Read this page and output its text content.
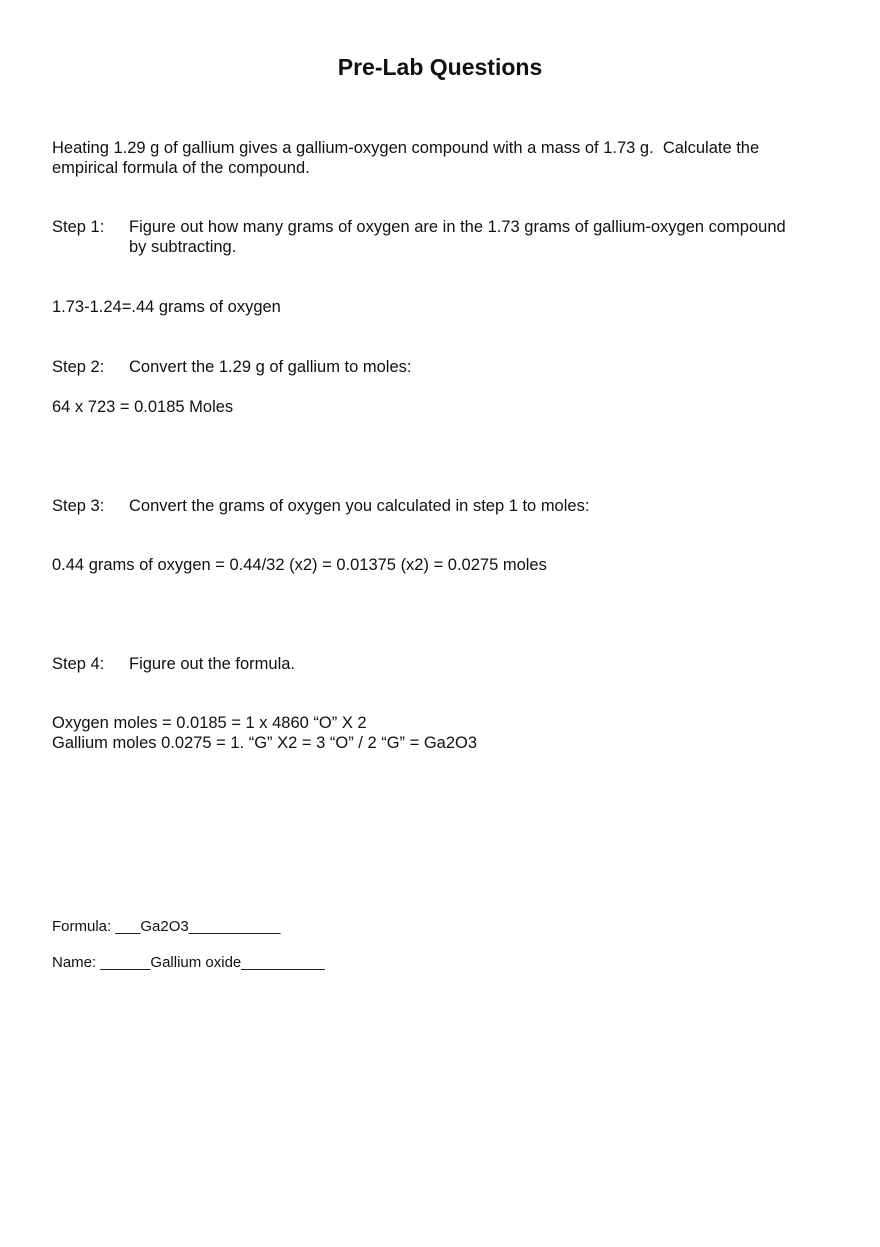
Pre-Lab Questions
Heating 1.29 g of gallium gives a gallium-oxygen compound with a mass of 1.73 g.  Calculate the
empirical formula of the compound.
Step 1: Figure out how many grams of oxygen are in the 1.73 grams of gallium-oxygen compound
by subtracting.
1.73-1.24=.44 grams of oxygen
Step 2: Convert the 1.29 g of gallium to moles:
64 x 723 = 0.0185 Moles
Step 3: Convert the grams of oxygen you calculated in step 1 to moles:
0.44 grams of oxygen = 0.44/32 (x2) = 0.01375 (x2) = 0.0275 moles
Step 4: Figure out the formula.
Oxygen moles = 0.0185 = 1 x 4860 “O” X 2
Gallium moles 0.0275 = 1. “G” X2 = 3 “O” / 2 “G” = Ga2O3
Formula: ___Ga2O3___________
Name: ______Gallium oxide__________
